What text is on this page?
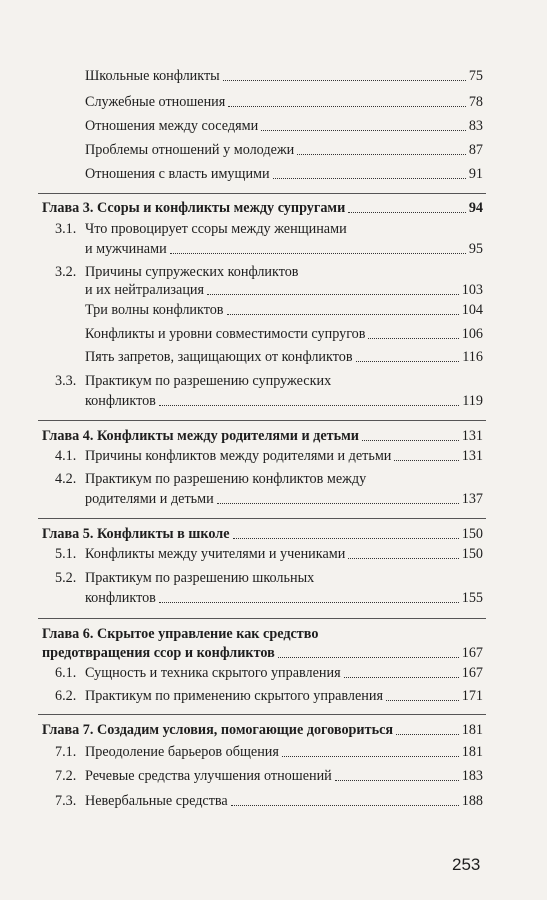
Школьные конфликты	75
Служебные отношения	78
Отношения между соседями	83
Проблемы отношений у молодежи	87
Отношения с власть имущими	91
Глава 3. Ссоры и конфликты между супругами	94
3.1. Что провоцирует ссоры между женщинами
и мужчинами	95
3.2. Причины супружеских конфликтов
и их нейтрализация	103
Три волны конфликтов	104
Конфликты и уровни совместимости супругов	106
Пять запретов, защищающих от конфликтов	116
3.3. Практикум по разрешению супружеских
конфликтов	119
Глава 4. Конфликты между родителями и детьми	131
4.1. Причины конфликтов между родителями и детьми	131
4.2. Практикум по разрешению конфликтов между
родителями и детьми	137
Глава 5. Конфликты в школе	150
5.1. Конфликты между учителями и учениками	150
5.2. Практикум по разрешению школьных
конфликтов	155
Глава 6. Скрытое управление как средство
предотвращения ссор и конфликтов	167
6.1. Сущность и техника скрытого управления	167
6.2. Практикум по применению скрытого управления	171
Глава 7. Создадим условия, помогающие договориться	181
7.1. Преодоление барьеров общения	181
7.2. Речевые средства улучшения отношений	183
7.3. Невербальные средства	188
253
